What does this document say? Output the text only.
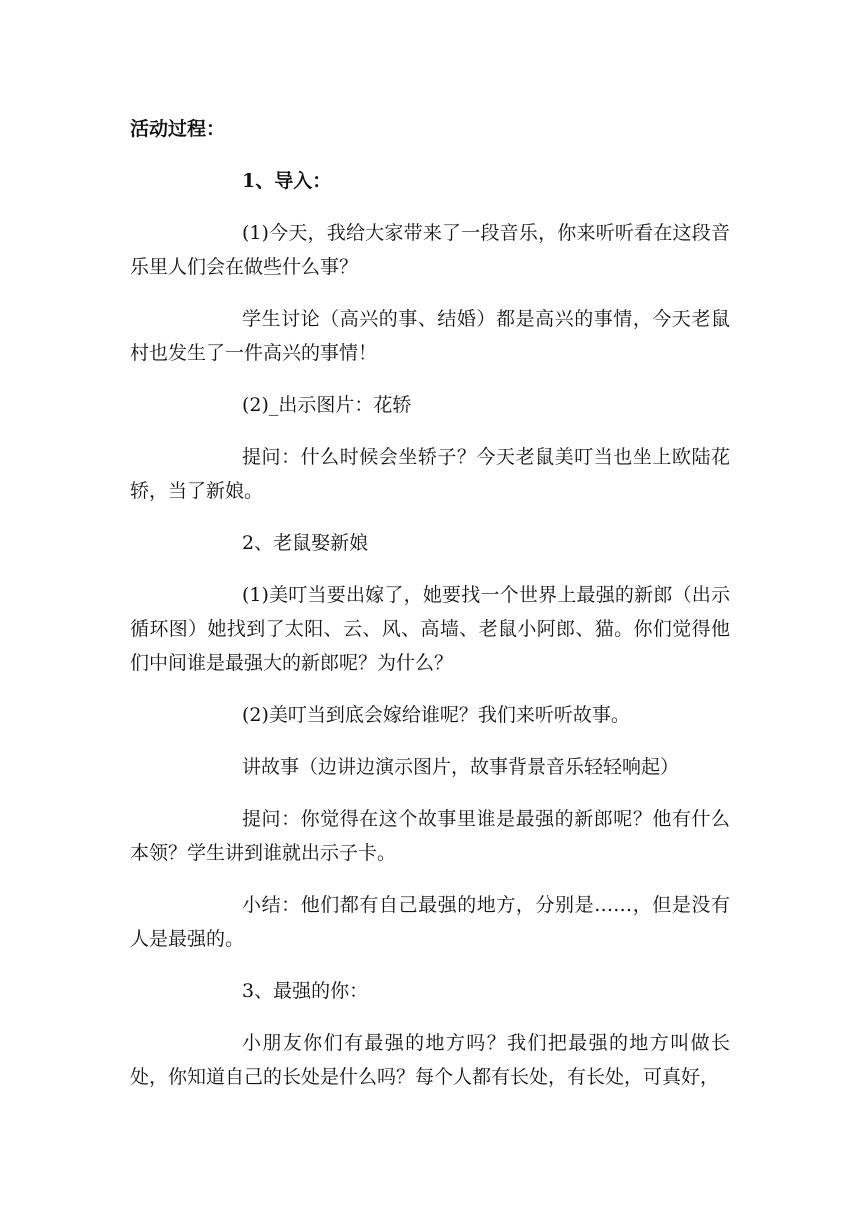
活动过程：

1、导入：

(1)今天，我给大家带来了一段音乐，你来听听看在这段音乐里人们会在做些什么事？

学生讨论（高兴的事、结婚）都是高兴的事情，今天老鼠村也发生了一件高兴的事情！

(2)_出示图片：花轿

提问：什么时候会坐轿子？今天老鼠美叮当也坐上欧陆花轿，当了新娘。

2、老鼠娶新娘

(1)美叮当要出嫁了，她要找一个世界上最强的新郎（出示循环图）她找到了太阳、云、风、高墙、老鼠小阿郎、猫。你们觉得他们中间谁是最强大的新郎呢？为什么？

(2)美叮当到底会嫁给谁呢？我们来听听故事。

讲故事（边讲边演示图片，故事背景音乐轻轻响起）

提问：你觉得在这个故事里谁是最强的新郎呢？他有什么本领？学生讲到谁就出示子卡。

小结：他们都有自己最强的地方，分别是……，但是没有人是最强的。

3、最强的你：

小朋友你们有最强的地方吗？我们把最强的地方叫做长处，你知道自己的长处是什么吗？每个人都有长处，有长处，可真好，
